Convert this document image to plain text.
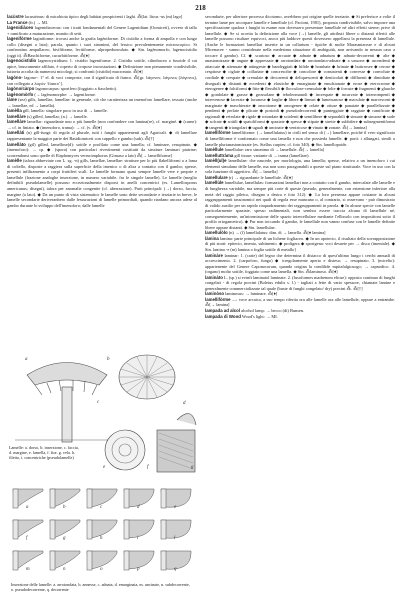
218

lacùstre lacustrinus: di micobiota tipico degli habitat prospicienti i laghi. ⁂[lat. lăcus -us (m) lago]

La France (fr.) → MI.

lagenidiàceo lagenidiaceous: con i tratti fondamentali del Genere Lagenidium (Oomiceti), ovvero di tallo + ramificato a maturazione, munito di setti.

lagenifòrme laginiforme: trovasi anche la grafia lagèniforme. Di cistidio a forma di ampolla e con lungo collo (disegni a lato); parola, quanto i suoi sinonimi, del lessico prevalentemente microscopico. Si confrontino ampullaceo, biviliforme, lecitiforme, ulpropedunculato. ◆ Sin. lagènomorfo, lagenocistidio (oggi it). ⁂Baschiforme, cucurbitiforme. ⁂[♦]

lagenocistìdio lagenocystidium: 1. cistidio lageniforme. 2. Cistidio sottile, cilindraceo o fusoide il cui apice, bruscamente affilato, è coperto di corpose incrostazioni. ◆ Definizione non pienamente condivisibile, tuttavia accolta da numerosi micologi; si confronti (cistidio) mucronato. ⁂[♦]

lagòno- lagono-: 1° el. di voci composte, con il significato di fianco. ⁂[gr. λάγονον, λάγονος (λάγονος), con collegato a λαγών ‘fianco’].

lagòno/càrpo lagonocarpus: sporifero (foggiato a fiaschetto).

lagènomòrfo (→ lagènomorphe: → lageniforme.

làme (sez) gills, lamellae, lamellae: in generale, ciò che caratterizza un imenoforo lamellare, tessuto (anche → lamellae, ed → lamella).

lamèlla gill, lamella: singolare poco in uso di → lamelle.

lamellàre (s) gilled, lamellar; (n.) → lamelle.

lamellàre lamellar: riguardante uno o più lamelle (non confondere con lamina(re), cf. marginé. ◆ (carne): → cf. in finiato. ◆ (imenoforo, trama): → cf. (v. ⁂[♦]

lamellàti (n) gill-fungi: di regola al plurale, tutti i funghi appartenenti agli Agaricali. ◆ di lamellare rappresentante la maggior parte dei Basidiomiceti con cappello e gambo (sub). ⁂[†]

lamellàto (gil) gilled, lamellose(d): sottile e profilato come una lamella; cf. laminare, resupinato. ◆ (imenoforo): → cp. ◆ (spora) con particolari rivestimenti costituiti da strutture laminari piatrine; scorrendonsi sono quelle di Elaphomyces verrucimphorus (Gimaso a lato) ⁂[→ lamelliforme]

lamèlle (talora abbreviate con L. sg. -n) gills, lamellae, lamellae: strutture per lo più flabelliformi o a lama di coltello, disposte a raggiera sulla superficie della imenico o di altra a contatto con il gambo; spesse, presenti infiltramento a corpi fruttiferi scalì. Le lamelle formano quasi sempre lamelle vere e proprie e lamellule (frazione analoghe inserzione, in numero variabile, fra le singole lamelle). Le lamelle (meglio definibili pseudolamelle) possono eccezionalmente disporsi in anelli concentrici (es. Lamellosporus americanus; disegni), talora per anomalie congenite (cf. aberrazione). Parti principali: (→) dorso, faccia, margine (a lato). ◆ Da un punto di vista sistematico le lamelle sono dette secondarie e terziarie in breve, le lamelle secondarie deriveranbero dalle fessurazioni di lamelle primordiali, quando riardano ancora adese al gambo durante lo sviluppo dell'imenoforo; dalle lamelle

secondarie, per ulteriore processo dicotomo, avrebbero poi origine quelle terziarie. ◆ Si preferisce a volte il termine lame per accorpare lamelle e lamellule (cf. Pacioni, 1981), proposta condivisibile, salvo imporre una specificazione qualora i funghi in esame non dovessero presentare lamellule né altri effetti sterne; prive di lamellule. ◆ Se si accetta la definizione alla voce (→) lamelle, gli attributi libere o distanti riferiti alle lamelle possono risultare equivoci, ancor più laddove questi dovessero appellarsi la presenza di lamellule. (Anche le formazioni lamellari inserite in un collarium - tipiche di molte Marasmiaceae e di alcuni Micenacee - vanno considerate nella medesima situazione di ambiguità, non arrivando in nessun caso a toccare il gambo). Cf. ◆ scarioso ◆ arcuate ◆ adnate ◆ adnatum ◆ adnato-decorrenti ◆ alte ◆ anastomizzate ◆ angute ◆ appressate ◆ arrotondate ◆ arrotondato-adnate ◆ a sassone ◆ ascendenti ◆ attaccate ◆ attenuate ◆ attingente ◆ bandeggiati ◆ bifide ◆ bombate ◆ brinate ◆ butirrosee ◆ cerose ◆ cespitose ◆ ciglate ◆ collariate ◆ concrescibe ◆ concolore ◆ consistenti ◆ convesse ◆ convolute ◆ cordiale ◆ crespate ◆ crenulate ◆ decorrenti ◆ deliquescenti ◆ denticolati ◆ diffluenti ◆ dimidiate ◆ diseguali ◆ distanti ◆ eccedenti ◆ elastiche ◆ emarginate ◆ emulsionate ◆ erose ◆ eterocrome ◆ eterogenee ◆ falciformi ◆ fitte ◆ flessibili ◆ flocculose-cremulate ◆ folte ◆ forcute ◆ fragmenti ◆ glauche ◆ gondolate ◆ grasse ◆ grossolane ◆ ieboleomanoli ◆ increspate ◆ incurvate ◆ interrompentì ◆ intervenose ◆ lacerate ◆ lacunose ◆ larghe ◆ libere ◆ lineari ◆ lumeisanose ◆ maculate ◆ marcescent ◆ marginate ◆ maschierate ◆ omcoiome ◆ omogenee ◆ orlate ◆ ottuse ◆ panaiate ◆ parallelizzate ◆ pendenti ◆ perlate ◆ plicate ◆ porioidi ◆ pseudodecorrenti ◆ punteggiate ◆ raggiate ◆ ramificate ◆ ragionali ◆ retrolate ◆ rigide ◆ rotondate ◆ sciolenti ◆ semilibere ◆ separabili ◆ sinuate ◆ sinuose ◆ sode ◆ solcate ◆ sottili ◆ spatoliformi ◆ spaziate ◆ spesse ◆ stipate ◆ strette ◆ subbifere ◆ subsegmentiformi ◆ tangenti ◆ triangolari ◆ uguali ◆ uncinate ◆ ventricose ◆ vinato ◆ zonate. ⁂[→ lamina]

lamellifòrme lamelliforme: (→ lamellulatus) in cirili nel senso di (→) lamellare, poiché il vero significato di lamelliforme è conformato come una lamella e non che possieda lamelle. ◆ porti: i allungati, simili a lamelle plurianastomizzate (es. Stellus carpies; cf. foto 340). ◆ Sin. lamellopoide.

lamèllule lamellulae: raro sinonimo di → lamellule. ⁂[→ lamella]

lamelluttràma gill tissue: variante di → trama (lamellare).

lamèll(ul)e lamellulae: che nascede, per morfologia, una lamella; spesse, relativa a un imenoforo i cui elementi simulano delle lamelle, ma non sono paragonabili a queste sul piano strutturale. Voce in uso con la sola funzione di aggettivo. ⁂[→ lamella]

lamellulare (r) → riguardante le lamellule. ⁂[♦]

lamellùle lamellulae, lamellulas: formazioni lamellari non a contatto con il gambo, intercalate alle lamelle e di lunghezza variabile, ma sempre più corte di queste (pseudo, generalmente, con estensione inferiore alla metà del raggio pileico, disegno a destra e foto 312). ◆ La loro presenza appare costante in alcuni raggruppamenti tassonomici nei quali di regola esse mancano o, al contrario, si osservano - può dimostrato di valido ausilio per un rapido riaquadramento dei raggruppamenti in parola. ◆ In alcune specie con lamelle particolarmente spaziate, spesso radimentali, non sembra essere traccia alcuna di lamellule né, conseguentemente, un'intromissione delle spazio intercellulare mediante l'ellissolo con impositioni sotto il profilo ortogametico). ◆ Pur non toccando il gambo, le lamellule non vanno confuse con le lamelle definite libere oppure distanti. ◆ Sin. lamellulae.

lamellulòlo (n) → (f) lamellulatus: dim. di → lamella. ⁂[♦ lamina]

làmina lamina: parte principale di un lichene fogliaceo. ◆ In un apotecio, il risultato della sovrapposizione di più strati: epitecio, imenio, subimenio. ◆ proligera ◆ sporigena: voci desuete per → disco (imeniale). ◆ Sin. lamina -e (m) lamina o foglia sottile di metallo]

laminàre laminar: 1. (carie) del legno che determina il distacco di quest'ultimo lungo i cerchi annuali di accrescimento. 2. (carpoforo, fungo) ◆ irregolarmente aperto e disteso; → resupinato. 3. (micelio): appartenente del Genere Caponocorum, quando origina la condilide mpitafalgiosogo; → capnodico. 4. (organo) molto sottile, foggiato come una lamella. ◆ Sin. ⁂laminoso. ⁂[♦]

laminàto L. (sp.) si evinfi laminatol laminate. 2. (fusoformes madrenom elicue): opposto continuo di funghi congelati - di regola porcini (Boletus edulis s. l.) - tagliati a fette di vario spessore, chiamate lamine e generalmente commercializzate tal quale (buste di funghi congelato/ dry) porcini ⁂. ⁂[†]

laminòso laminosus: → laminare. ⁂[♦]

lamellifòrme —: voce arcaica, a suo tempo riferita ora alle lamelle ora alle lamellule, oppure a entrambe. ⁂[→ lamina]

lampada ad alcol alcohol lamp: → becco (di) Bunsen.

lampada di Wood Wood's light: → MI.

a	b
c	d
e	f	g
Lamelle: a. dorso, b. inserzione, c. faccia, d. margine, e. lamella, f. fior. g. vela. h. filetto, i. concentriche (pseudolamelle)
a	b	c	d	e
f	g	h	i	l
m	n	o	p	q
Inserzione delle lamelle: a. arrotondata, b. annesse, c. adnata, d. emarginata, m. uncinate, n. subdecorrente, o. pseudodecorrente, q. decorrente
